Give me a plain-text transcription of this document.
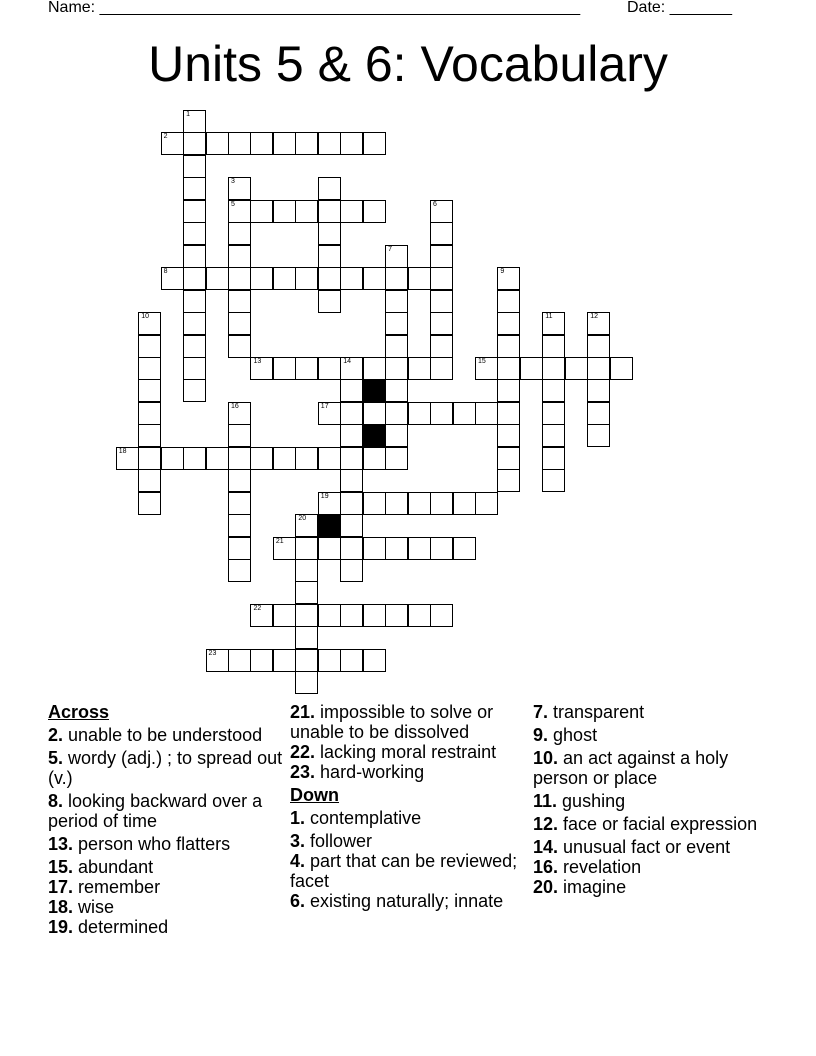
Name: ______________________________________________________	Date: _______
Units 5 & 6: Vocabulary
1
2
3
5	6
7
8	9
10	11	12
13	14	15
16	17
18
19
20
21
22
23
Across
2. unable to be understood
5. wordy (adj.) ; to spread out (v.)
8. looking backward over a period of time
13. person who flatters
15. abundant
17. remember
18. wise
19. determined
21. impossible to solve or unable to be dissolved
22. lacking moral restraint
23. hard-working
Down
1. contemplative
3. follower
4. part that can be reviewed; facet
6. existing naturally; innate
7. transparent
9. ghost
10. an act against a holy person or place
11. gushing
12. face or facial expression
14. unusual fact or event
16. revelation
20. imagine
